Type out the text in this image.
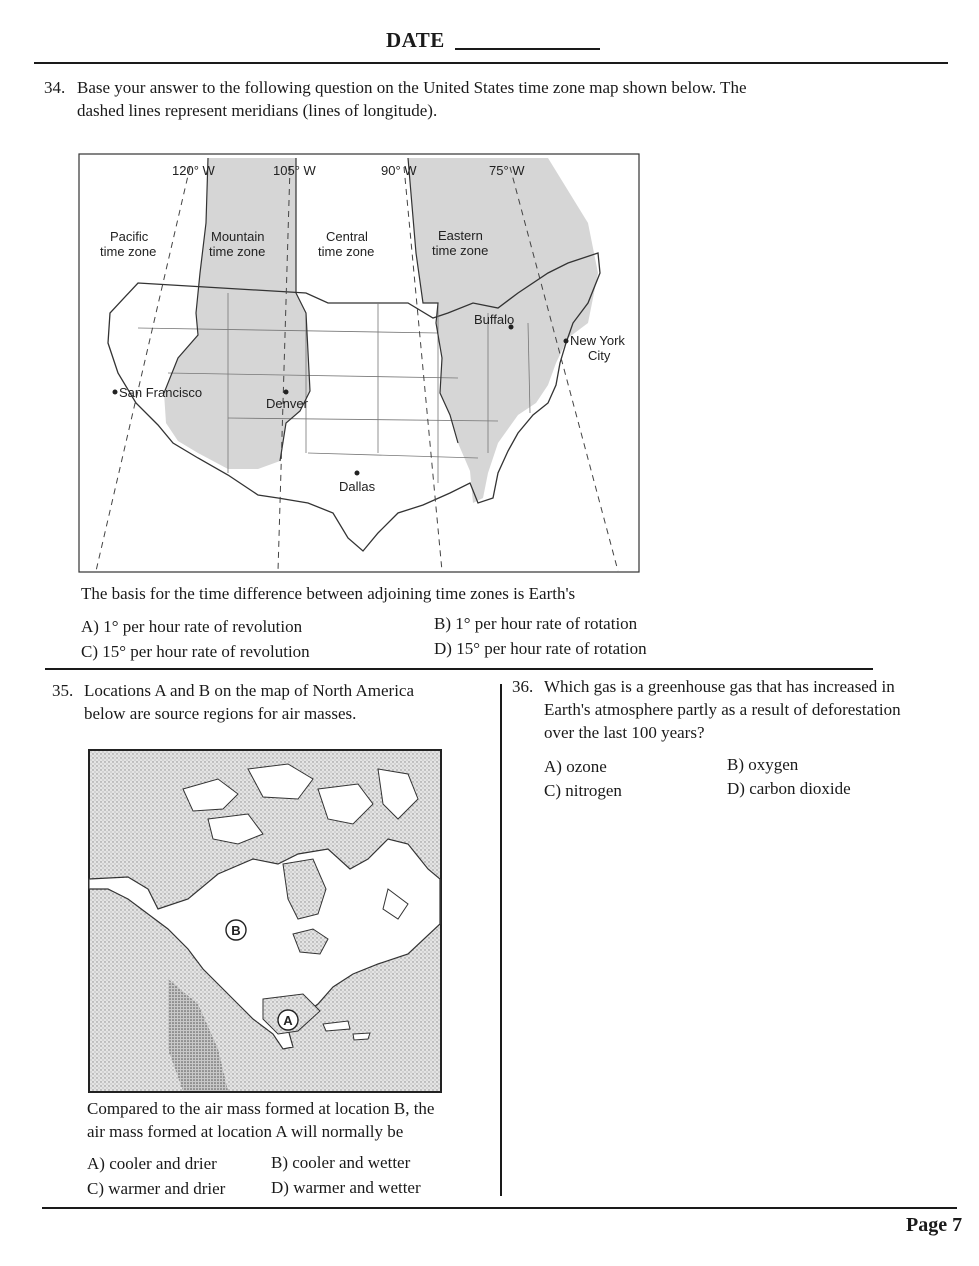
DATE
34. Base your answer to the following question on the United States time zone map shown below. The
dashed lines represent meridians (lines of longitude).
120° W	105° W	90° W	75° W
Pacific
time zone
Mountain
time zone
Central
time zone
Eastern
time zone
San Francisco
Denver
Dallas
Buffalo
New York
City
The basis for the time difference between adjoining time zones is Earth's
A) 1° per hour rate of revolution	B) 1° per hour rate of rotation
C) 15° per hour rate of revolution	D) 15° per hour rate of rotation
35. Locations A and B on the map of North America
below are source regions for air masses.
B
A
Compared to the air mass formed at location B, the
air mass formed at location A will normally be
A) cooler and drier	B) cooler and wetter
C) warmer and drier	D) warmer and wetter
36. Which gas is a greenhouse gas that has increased in
Earth's atmosphere partly as a result of deforestation
over the last 100 years?
A) ozone	B) oxygen
C) nitrogen	D) carbon dioxide
Page 7
